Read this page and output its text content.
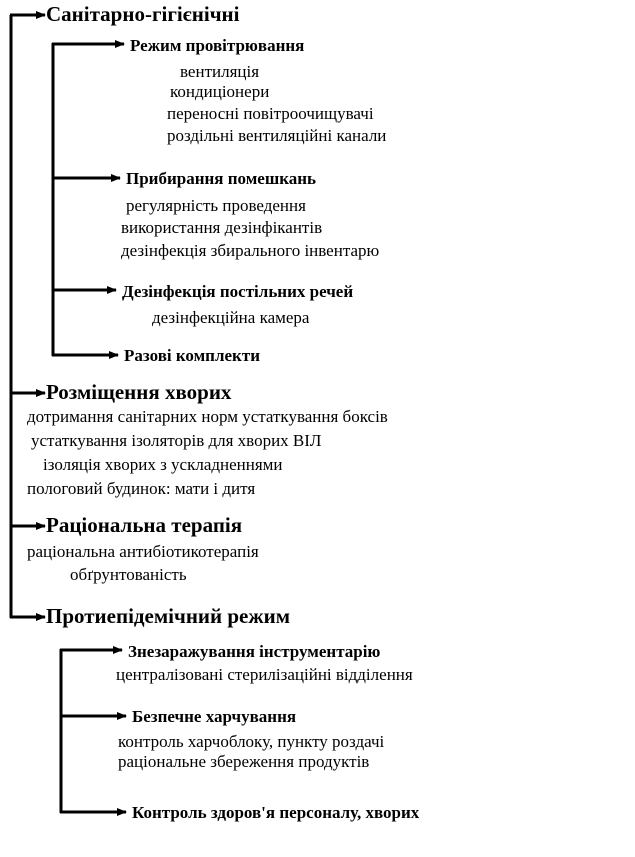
Санітарно-гігієнічні
Режим провітрювання
вентиляція
кондиціонери
переносні повітроочищувачі
роздільні вентиляційні канали
Прибирання помешкань
регулярність проведення
використання дезінфікантів
дезінфекція збирального інвентарю
Дезінфекція постільних речей
дезінфекційна камера
Разові комплекти
Розміщення хворих
дотримання санітарних норм устаткування боксів
устаткування ізоляторів для хворих ВІЛ
ізоляція хворих з ускладненнями
пологовий будинок: мати і дитя
Раціональна терапія
раціональна антибіотикотерапія
обґрунтованість
Протиепідемічний режим
Знезаражування інструментарію
централізовані стерилізаційні відділення
Безпечне харчування
контроль харчоблоку, пункту роздачі
раціональне збереження продуктів
Контроль здоров'я персоналу, хворих
